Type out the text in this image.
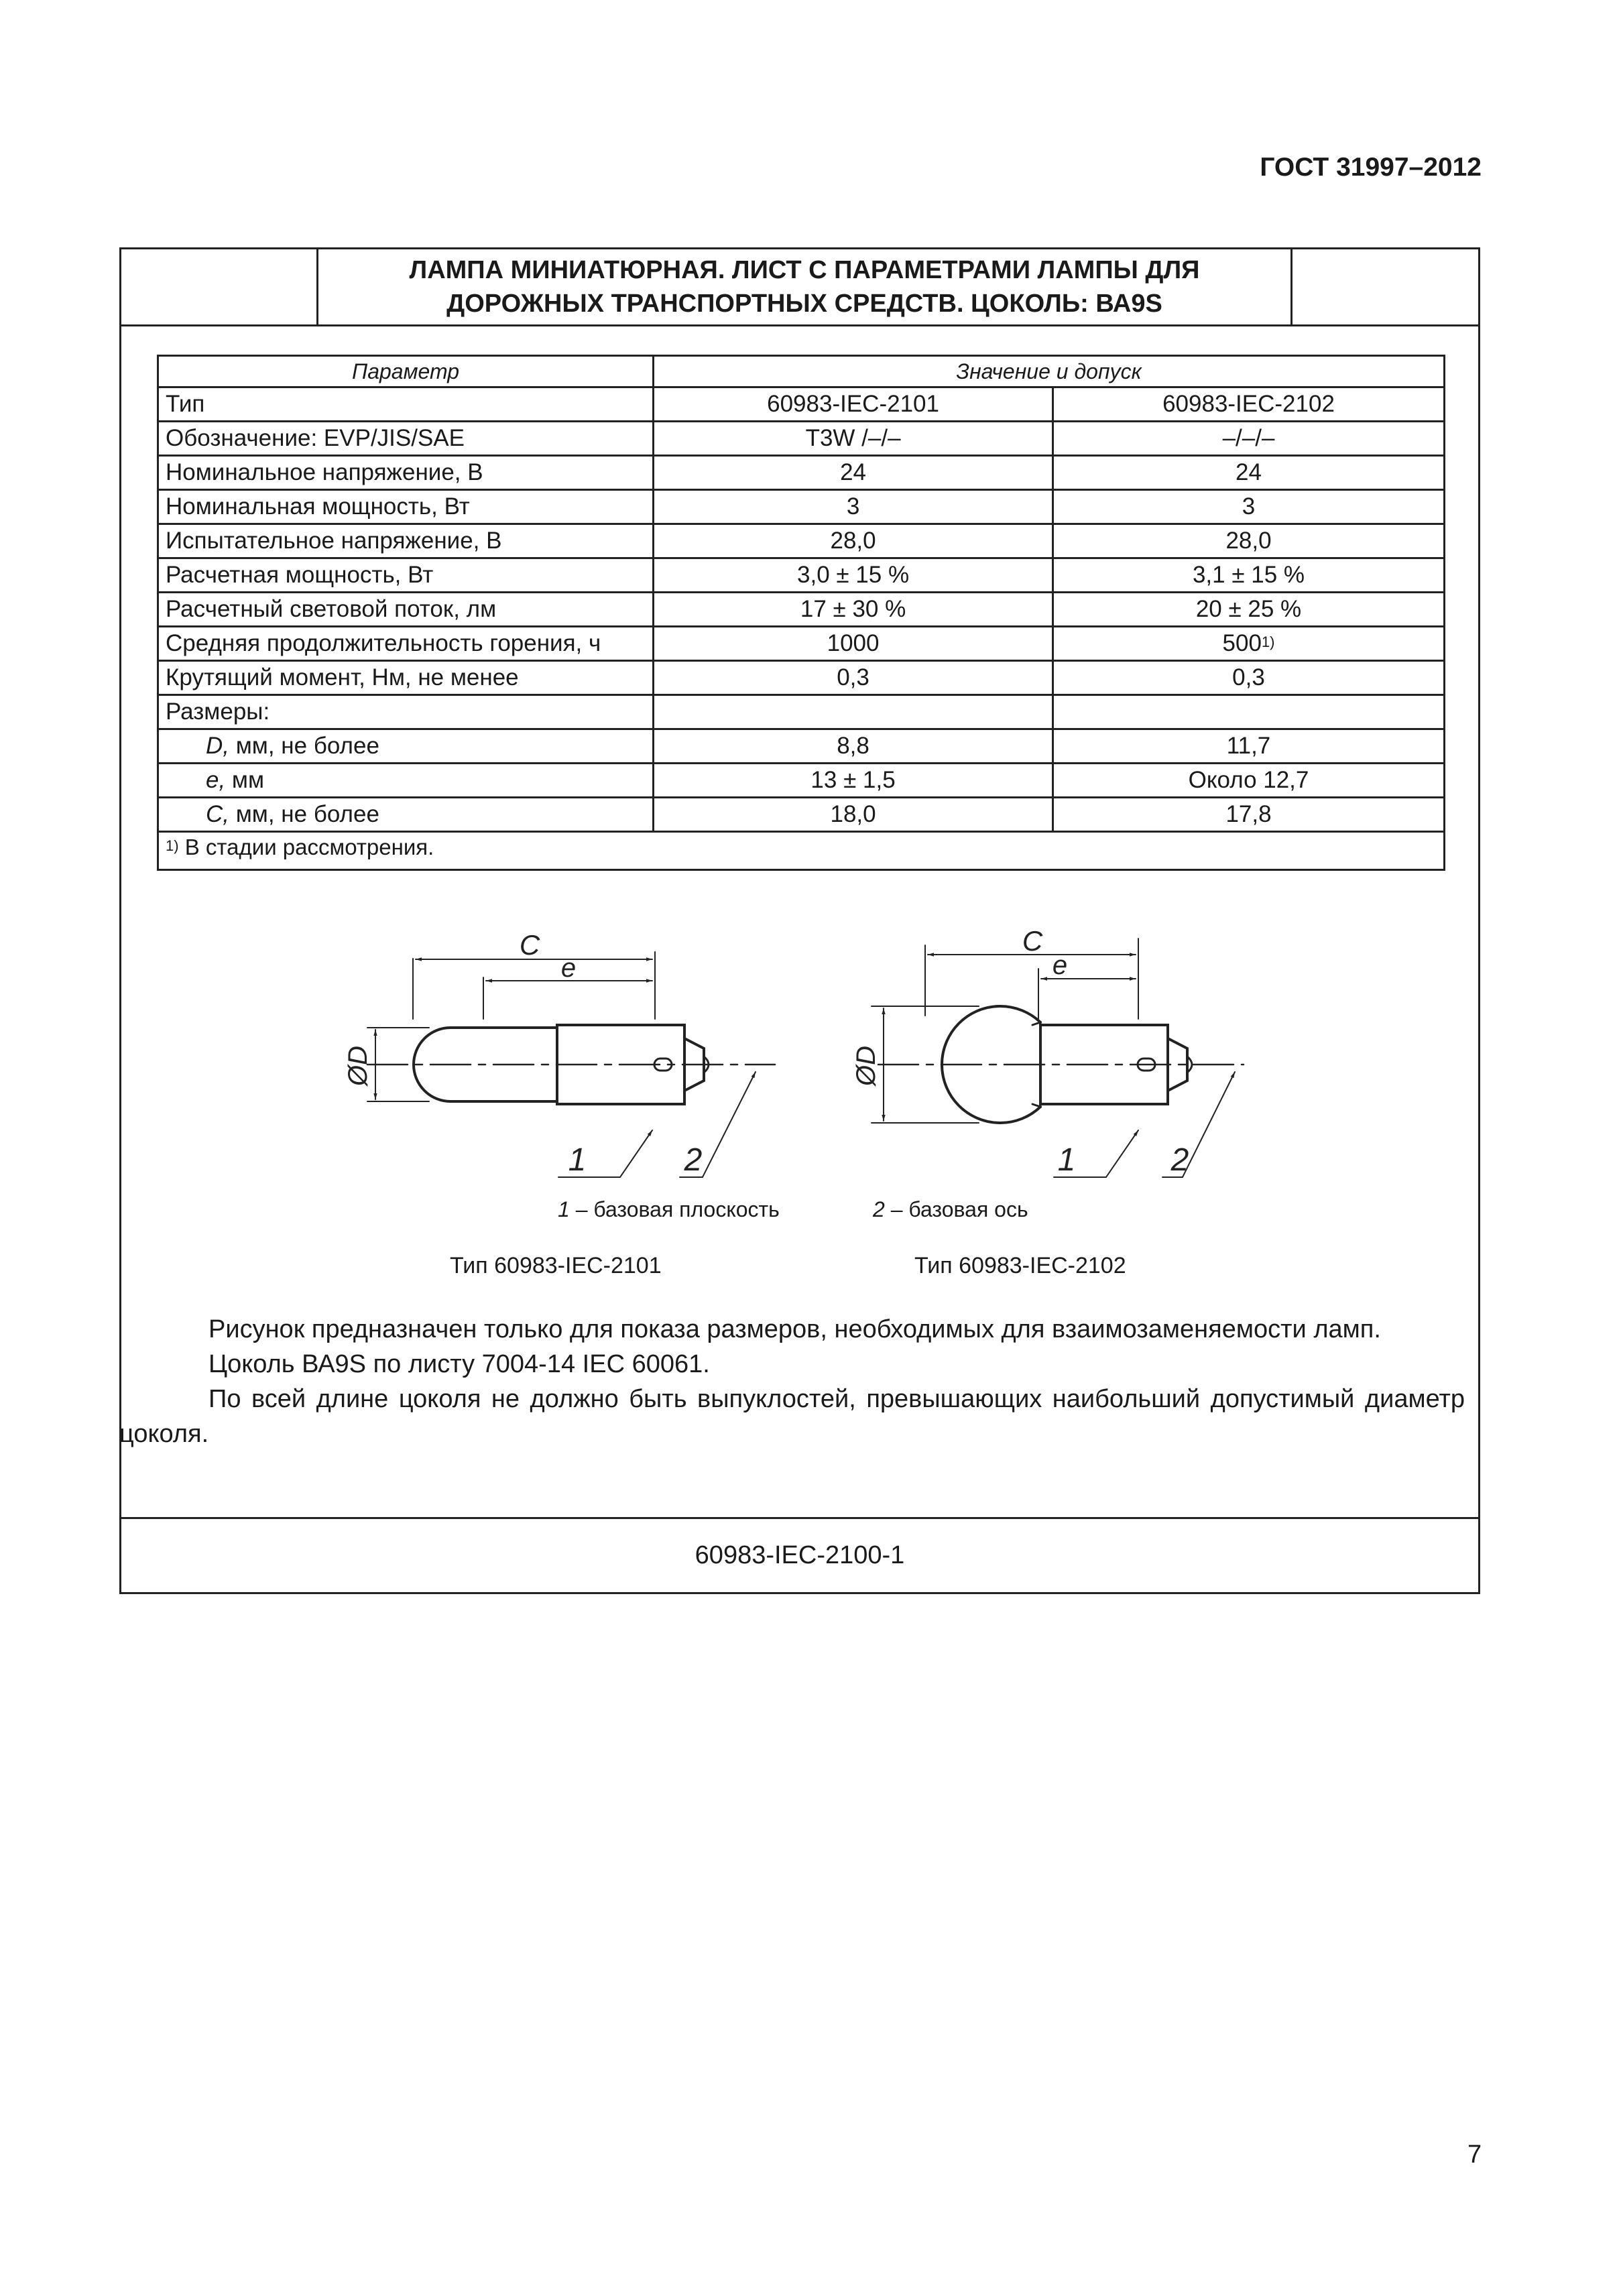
ГОСТ 31997–2012
ЛАМПА МИНИАТЮРНАЯ. ЛИСТ С ПАРАМЕТРАМИ ЛАМПЫ ДЛЯ
ДОРОЖНЫХ ТРАНСПОРТНЫХ СРЕДСТВ. ЦОКОЛЬ: ВА9S
Параметр	Значение и допуск	
Тип	60983-IEC-2101	60983-IEC-2102
Обозначение: EVP/JIS/SAE	T3W /–/–	–/–/–
Номинальное напряжение, В	24	24
Номинальная мощность, Вт	3	3
Испытательное напряжение, В	28,0	28,0
Расчетная мощность, Вт	3,0 ± 15 %	3,1 ± 15 %
Расчетный световой поток, лм	17 ± 30 %	20 ± 25 %
Средняя продолжительность горения, ч	1000	500$^{1)}$
Крутящий момент, Нм, не менее	0,3	0,3
Размеры:		
D, мм, не более	8,8	11,7
e, мм	13 ± 1,5	Около 12,7
C, мм, не более	18,0	17,8
$^{1)}$ В стадии рассмотрения.		
60983-IEC-2100-1
C
e
ØD
1	2
C
e
ØD
1	2
1 – базовая плоскость	2 – базовая ось
Тип 60983-IEC-2101	Тип 60983-IEC-2102

Рисунок предназначен только для показа размеров, необходимых для взаимозаменяемости ламп.

Цоколь ВА9S по листу 7004-14 IEC 60061.

По всей длине цоколя не должно быть выпуклостей, превышающих наибольший допустимый диаметр цоколя.

7
